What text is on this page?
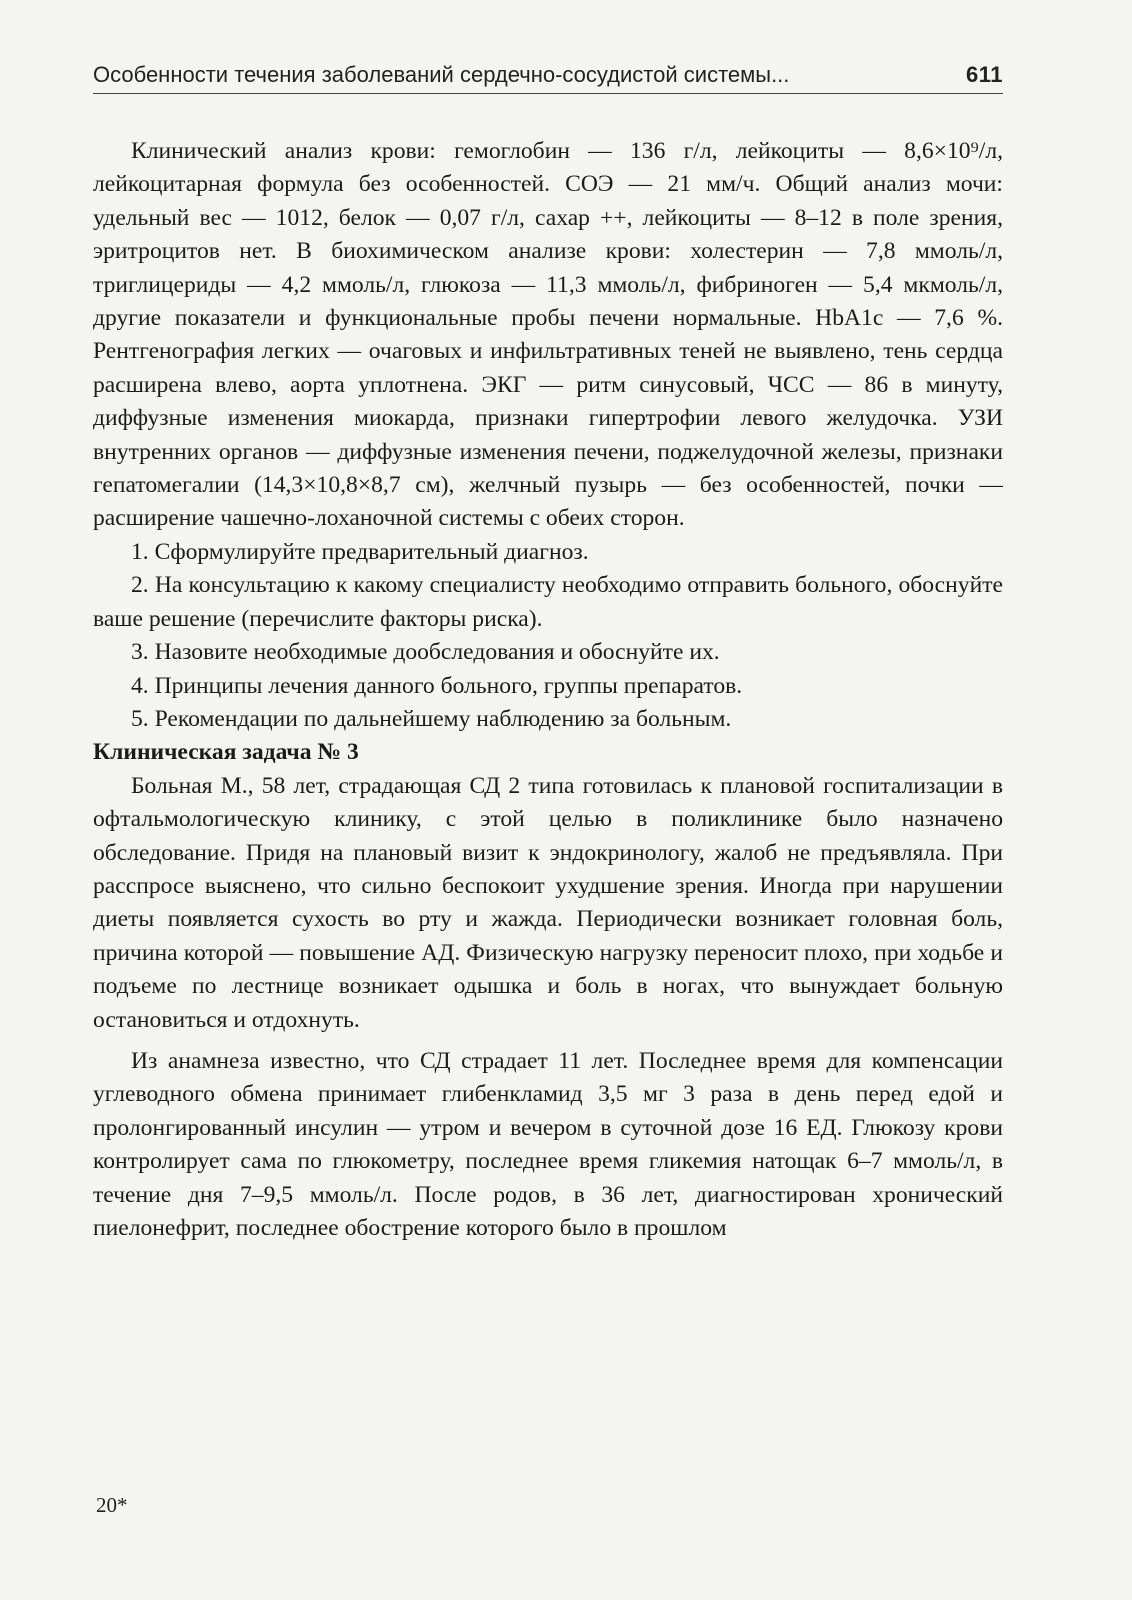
Особенности течения заболеваний сердечно-сосудистой системы...	611

Клинический анализ крови: гемоглобин — 136 г/л, лейкоциты — 8,6×10⁹/л, лейкоцитарная формула без особенностей. СОЭ — 21 мм/ч. Общий анализ мочи: удельный вес — 1012, белок — 0,07 г/л, сахар ++, лейкоциты — 8–12 в поле зрения, эритроцитов нет. В биохимическом анализе крови: холестерин — 7,8 ммоль/л, триглицериды — 4,2 ммоль/л, глюкоза — 11,3 ммоль/л, фибриноген — 5,4 мкмоль/л, другие показатели и функциональные пробы печени нормальные. HbA1c — 7,6 %. Рентгенография легких — очаговых и инфильтративных теней не выявлено, тень сердца расширена влево, аорта уплотнена. ЭКГ — ритм синусовый, ЧСС — 86 в минуту, диффузные изменения миокарда, признаки гипертрофии левого желудочка. УЗИ внутренних органов — диффузные изменения печени, поджелудочной железы, признаки гепатомегалии (14,3×10,8×8,7 см), желчный пузырь — без особенностей, почки — расширение чашечно-лоханочной системы с обеих сторон.

1. Сформулируйте предварительный диагноз.

2. На консультацию к какому специалисту необходимо отправить больного, обоснуйте ваше решение (перечислите факторы риска).

3. Назовите необходимые дообследования и обоснуйте их.

4. Принципы лечения данного больного, группы препаратов.

5. Рекомендации по дальнейшему наблюдению за больным.

Клиническая задача № 3

Больная М., 58 лет, страдающая СД 2 типа готовилась к плановой госпитализации в офтальмологическую клинику, с этой целью в поликлинике было назначено обследование. Придя на плановый визит к эндокринологу, жалоб не предъявляла. При расспросе выяснено, что сильно беспокоит ухудшение зрения. Иногда при нарушении диеты появляется сухость во рту и жажда. Периодически возникает головная боль, причина которой — повышение АД. Физическую нагрузку переносит плохо, при ходьбе и подъеме по лестнице возникает одышка и боль в ногах, что вынуждает больную остановиться и отдохнуть.

Из анамнеза известно, что СД страдает 11 лет. Последнее время для компенсации углеводного обмена принимает глибенкламид 3,5 мг 3 раза в день перед едой и пролонгированный инсулин — утром и вечером в суточной дозе 16 ЕД. Глюкозу крови контролирует сама по глюкометру, последнее время гликемия натощак 6–7 ммоль/л, в течение дня 7–9,5 ммоль/л. После родов, в 36 лет, диагностирован хронический пиелонефрит, последнее обострение которого было в прошлом

20*
